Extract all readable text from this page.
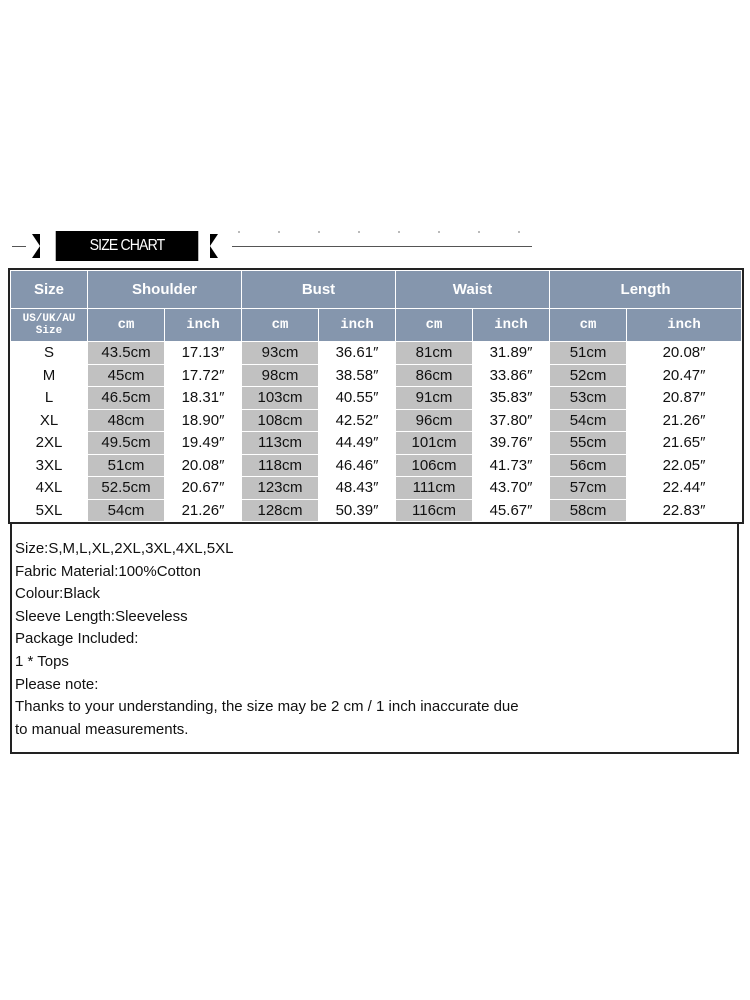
SIZE CHART
Size	Shoulder		Bust		Waist		Length	

US/UK/AU
Size	cm	inch	cm	inch	cm	inch	cm	inch
S	43.5cm	17.13″	93cm	36.61″	81cm	31.89″	51cm	20.08″
M	45cm	17.72″	98cm	38.58″	86cm	33.86″	52cm	20.47″
L	46.5cm	18.31″	103cm	40.55″	91cm	35.83″	53cm	20.87″
XL	48cm	18.90″	108cm	42.52″	96cm	37.80″	54cm	21.26″
2XL	49.5cm	19.49″	113cm	44.49″	101cm	39.76″	55cm	21.65″
3XL	51cm	20.08″	118cm	46.46″	106cm	41.73″	56cm	22.05″
4XL	52.5cm	20.67″	123cm	48.43″	111cm	43.70″	57cm	22.44″
5XL	54cm	21.26″	128cm	50.39″	116cm	45.67″	58cm	22.83″
Size:S,M,L,XL,2XL,3XL,4XL,5XL
Fabric Material:100%Cotton
Colour:Black
Sleeve Length:Sleeveless
Package Included:
1 * Tops
Please note:
Thanks to your understanding, the size may be 2 cm / 1 inch inaccurate due
to manual measurements.
